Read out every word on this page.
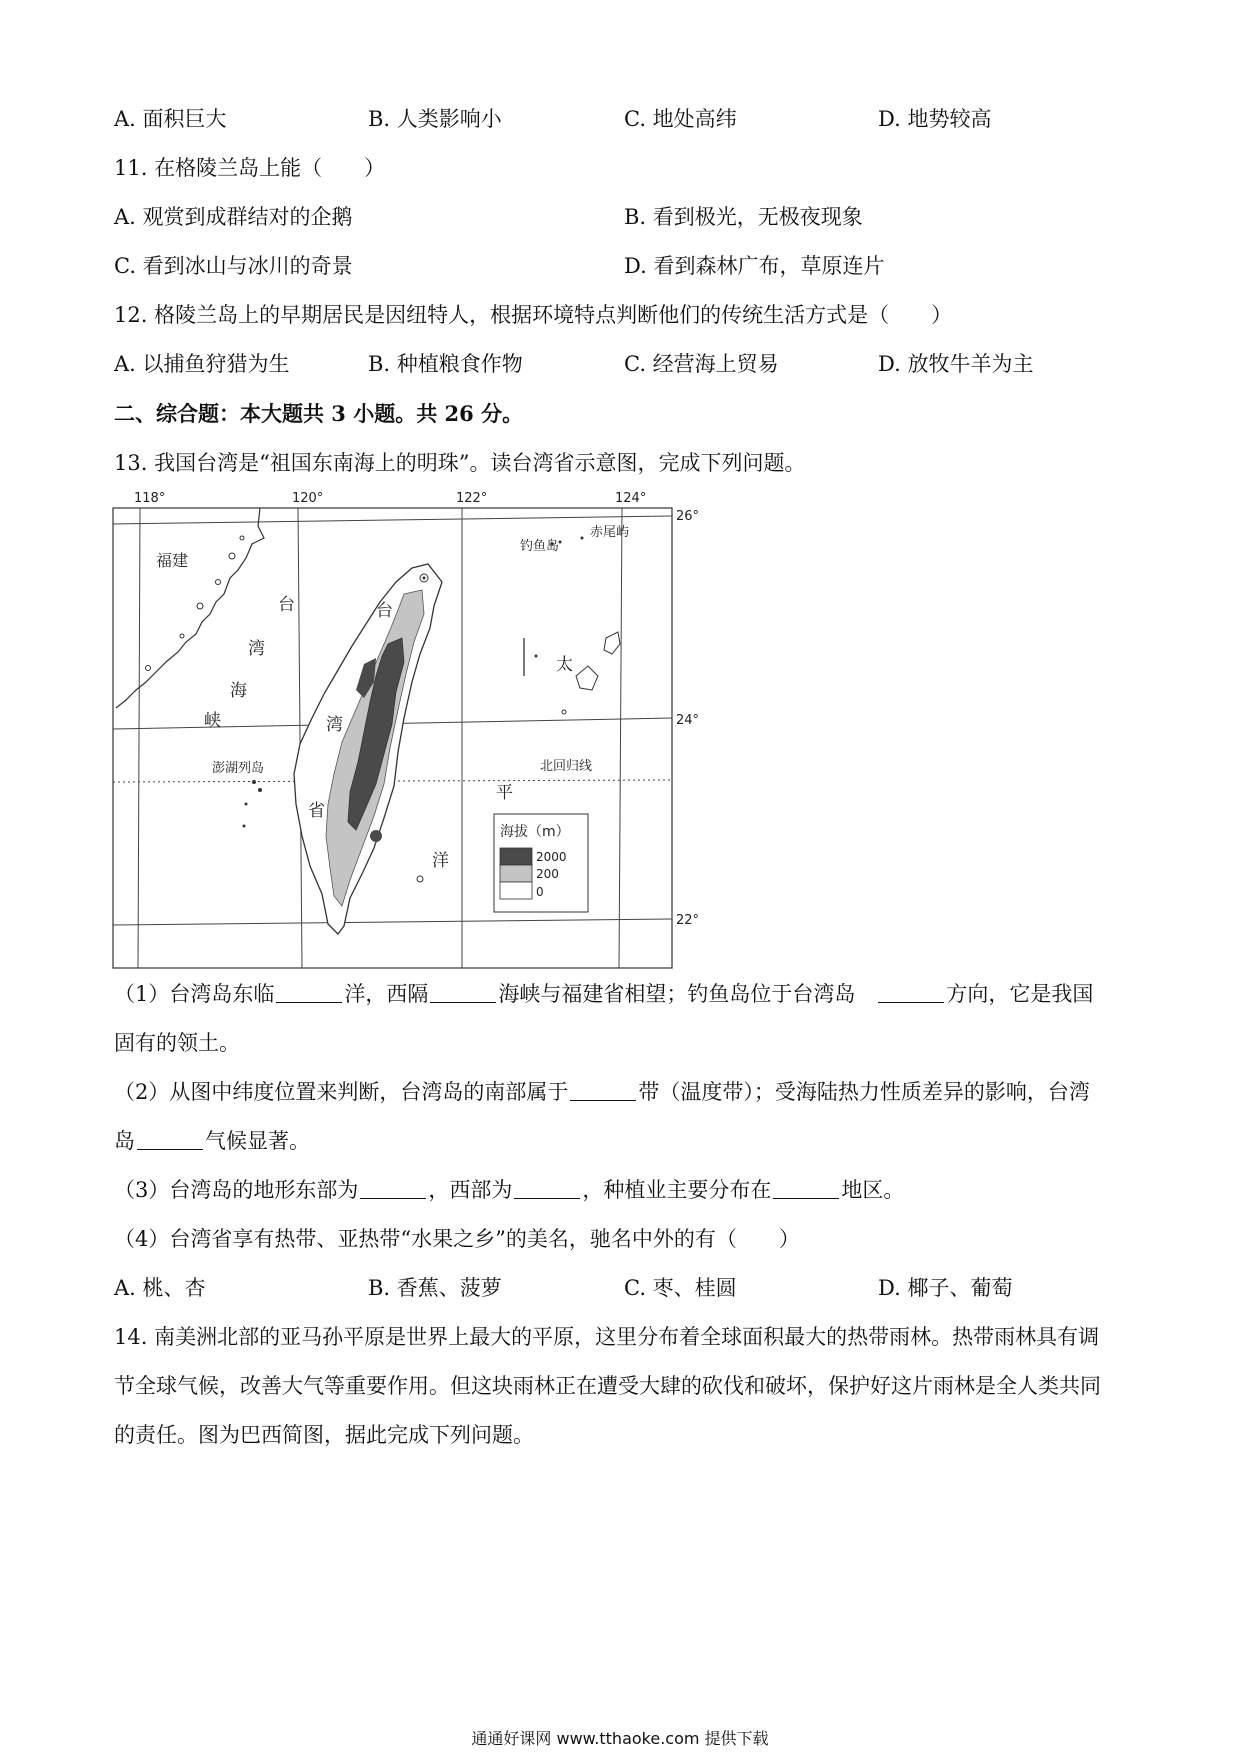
A. 面积巨大	B. 人类影响小	C. 地处高纬	D. 地势较高
11. 在格陵兰岛上能（　　）
A. 观赏到成群结对的企鹅	B. 看到极光，无极夜现象
C. 看到冰山与冰川的奇景	D. 看到森林广布，草原连片
12. 格陵兰岛上的早期居民是因纽特人，根据环境特点判断他们的传统生活方式是（　　）
A. 以捕鱼狩猎为生	B. 种植粮食作物	C. 经营海上贸易	D. 放牧牛羊为主
二、综合题：本大题共 3 小题。共 26 分。
13. 我国台湾是“祖国东南海上的明珠”。读台湾省示意图，完成下列问题。
118°	120°	122°	124°
26°
24°
22°
福建
钓鱼岛
赤尾屿
台
湾
海
峡
澎湖列岛
台
湾
省
太
平
洋
北回归线
海拔（m）
2000
200
0
（1）台湾岛东临	洋，西隔	海峡与福建省相望；钓鱼岛位于台湾岛　	方向，它是我国
固有的领土。
（2）从图中纬度位置来判断，台湾岛的南部属于	带（温度带）；受海陆热力性质差异的影响，台湾
岛	气候显著。
（3）台湾岛的地形东部为	，西部为	，种植业主要分布在	地区。
（4）台湾省享有热带、亚热带“水果之乡”的美名，驰名中外的有（　　）
A. 桃、杏	B. 香蕉、菠萝	C. 枣、桂圆	D. 椰子、葡萄
14. 南美洲北部的亚马孙平原是世界上最大的平原，这里分布着全球面积最大的热带雨林。热带雨林具有调
节全球气候，改善大气等重要作用。但这块雨林正在遭受大肆的砍伐和破坏，保护好这片雨林是全人类共同
的责任。图为巴西简图，据此完成下列问题。
通通好课网 www.tthaoke.com 提供下载
